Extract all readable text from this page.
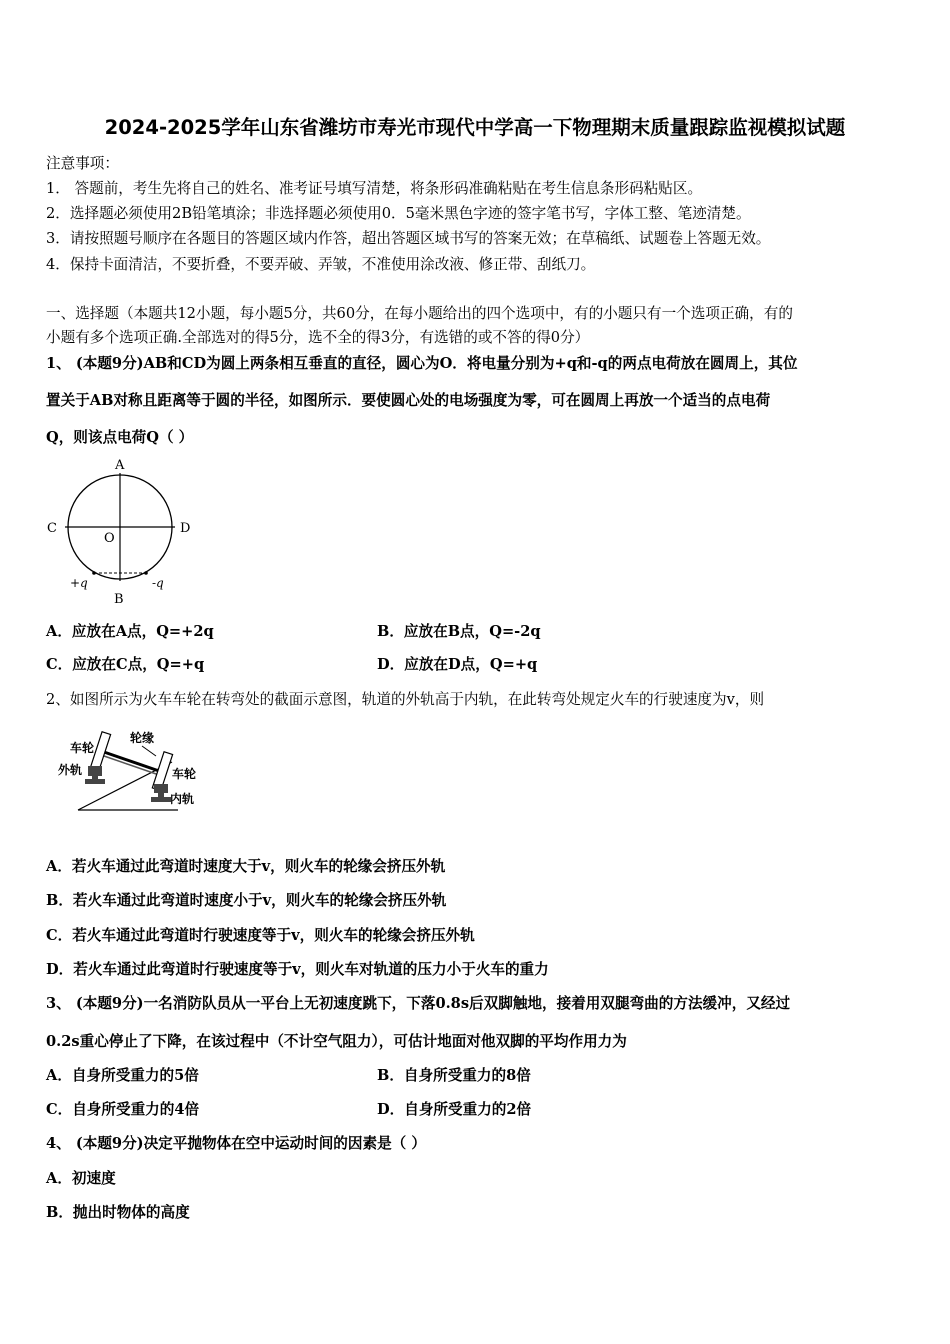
2024-2025学年山东省潍坊市寿光市现代中学高一下物理期末质量跟踪监视模拟试题
注意事项：
1． 答题前，考生先将自己的姓名、准考证号填写清楚，将条形码准确粘贴在考生信息条形码粘贴区。
2．选择题必须使用2B铅笔填涂；非选择题必须使用0．5毫米黑色字迹的签字笔书写，字体工整、笔迹清楚。
3．请按照题号顺序在各题目的答题区域内作答，超出答题区域书写的答案无效；在草稿纸、试题卷上答题无效。
4．保持卡面清洁，不要折叠，不要弄破、弄皱，不准使用涂改液、修正带、刮纸刀。
一、选择题（本题共12小题，每小题5分，共60分，在每小题给出的四个选项中，有的小题只有一个选项正确，有的
小题有多个选项正确.全部选对的得5分，选不全的得3分，有选错的或不答的得0分）
1、 (本题9分)AB和CD为圆上两条相互垂直的直径，圆心为O．将电量分别为+q和-q的两点电荷放在圆周上，其位
置关于AB对称且距离等于圆的半径，如图所示．要使圆心处的电场强度为零，可在圆周上再放一个适当的点电荷
Q，则该点电荷Q（ ）
A
B
C	D
O
+q	-q
A．应放在A点，Q=+2q	B．应放在B点，Q=-2q
C．应放在C点，Q=+q	D．应放在D点，Q=+q
2、如图所示为火车车轮在转弯处的截面示意图，轨道的外轨高于内轨，在此转弯处规定火车的行驶速度为v，则
车轮
轮缘
外轨	车轮
内轨
A．若火车通过此弯道时速度大于v，则火车的轮缘会挤压外轨
B．若火车通过此弯道时速度小于v，则火车的轮缘会挤压外轨
C．若火车通过此弯道时行驶速度等于v，则火车的轮缘会挤压外轨
D．若火车通过此弯道时行驶速度等于v，则火车对轨道的压力小于火车的重力
3、 (本题9分)一名消防队员从一平台上无初速度跳下，下落0.8s后双脚触地，接着用双腿弯曲的方法缓冲，又经过
0.2s重心停止了下降，在该过程中（不计空气阻力），可估计地面对他双脚的平均作用力为
A．自身所受重力的5倍	B．自身所受重力的8倍
C．自身所受重力的4倍	D．自身所受重力的2倍
4、 (本题9分)决定平抛物体在空中运动时间的因素是（ ）
A．初速度
B．抛出时物体的高度
